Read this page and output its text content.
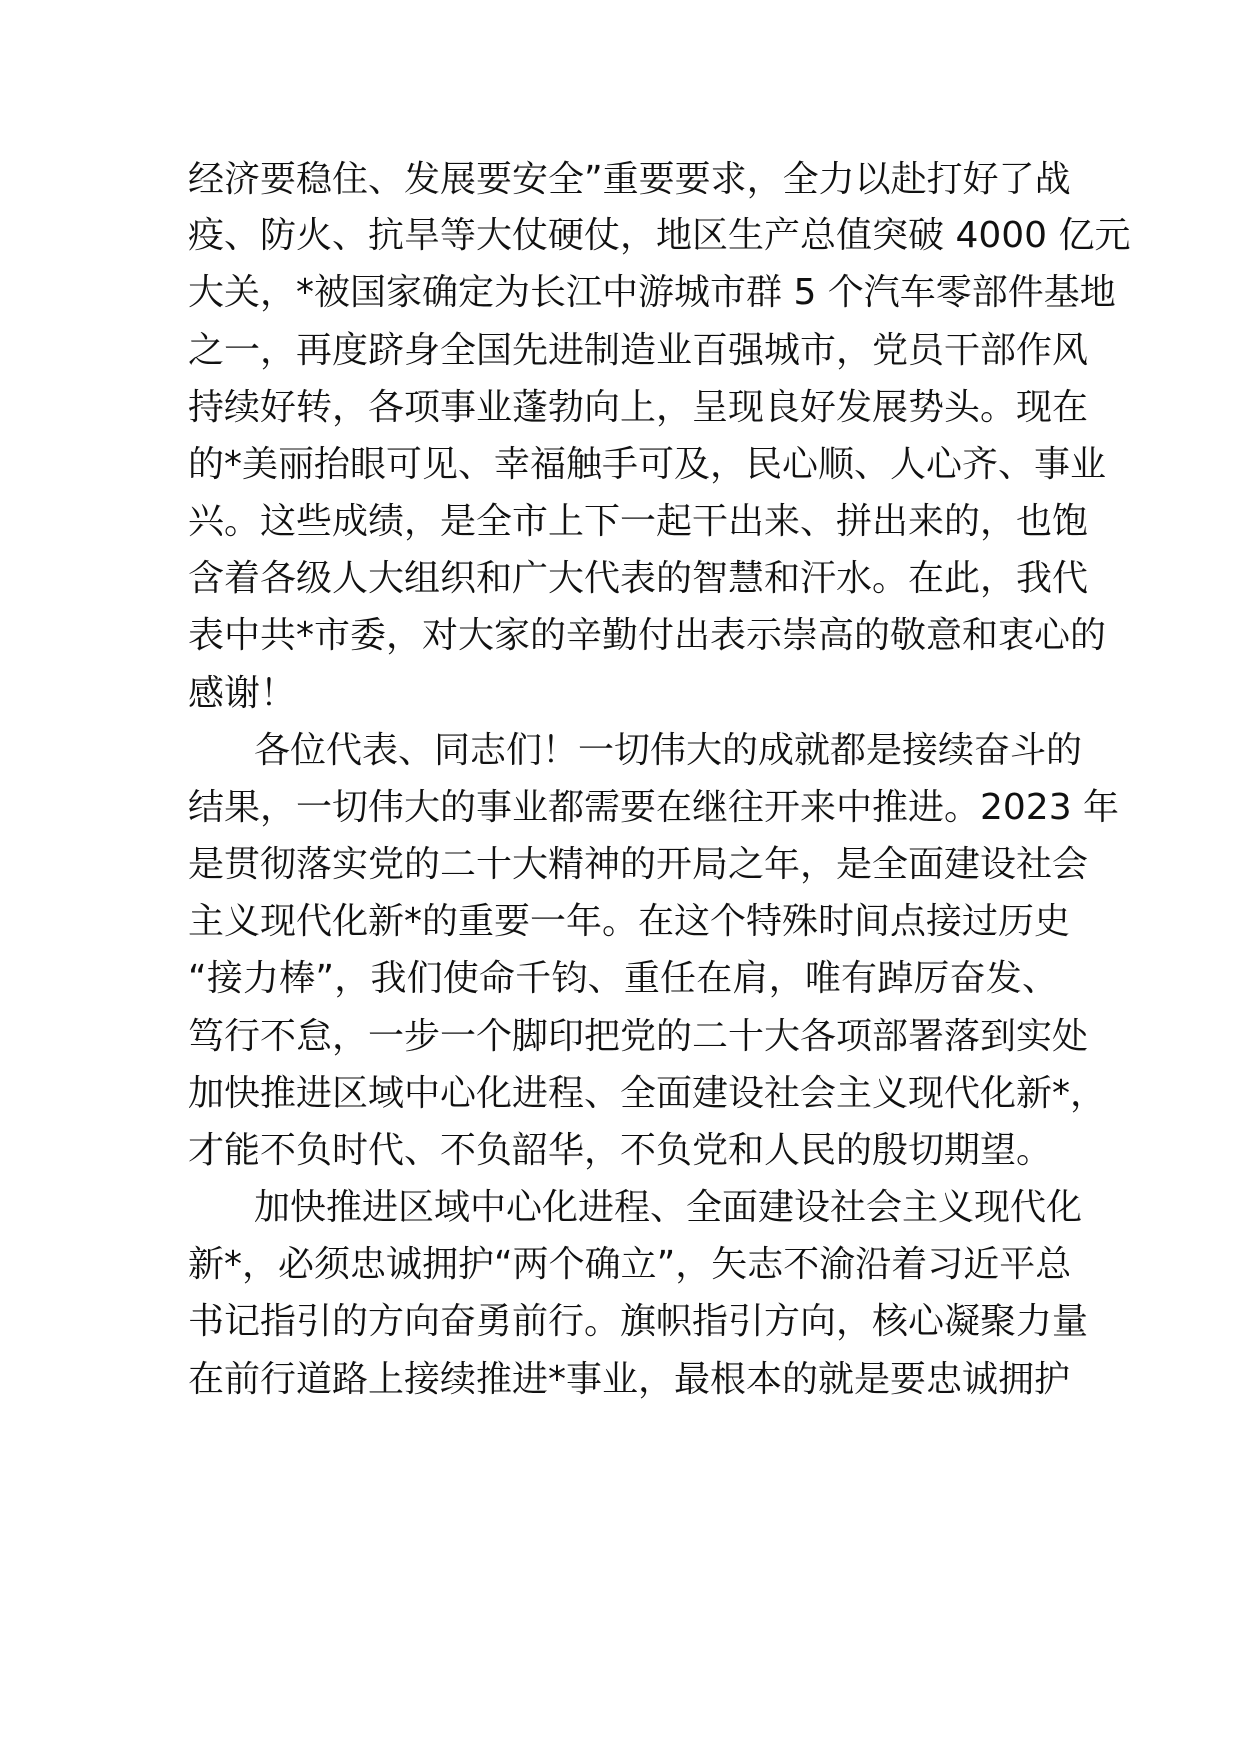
经济要稳住、发展要安全”重要要求，全力以赴打好了战
疫、防火、抗旱等大仗硬仗，地区生产总值突破 4000 亿元
大关，*被国家确定为长江中游城市群 5 个汽车零部件基地
之一，再度跻身全国先进制造业百强城市，党员干部作风
持续好转，各项事业蓬勃向上，呈现良好发展势头。现在
的*美丽抬眼可见、幸福触手可及，民心顺、人心齐、事业
兴。这些成绩，是全市上下一起干出来、拼出来的，也饱
含着各级人大组织和广大代表的智慧和汗水。在此，我代
表中共*市委，对大家的辛勤付出表示崇高的敬意和衷心的
感谢！
各位代表、同志们！一切伟大的成就都是接续奋斗的
结果，一切伟大的事业都需要在继往开来中推进。2023 年
是贯彻落实党的二十大精神的开局之年，是全面建设社会
主义现代化新*的重要一年。在这个特殊时间点接过历史
“接力棒”，我们使命千钧、重任在肩，唯有踔厉奋发、
笃行不怠，一步一个脚印把党的二十大各项部署落到实处
加快推进区域中心化进程、全面建设社会主义现代化新*，
才能不负时代、不负韶华，不负党和人民的殷切期望。
加快推进区域中心化进程、全面建设社会主义现代化
新*，必须忠诚拥护“两个确立”，矢志不渝沿着习近平总
书记指引的方向奋勇前行。旗帜指引方向，核心凝聚力量
在前行道路上接续推进*事业，最根本的就是要忠诚拥护
